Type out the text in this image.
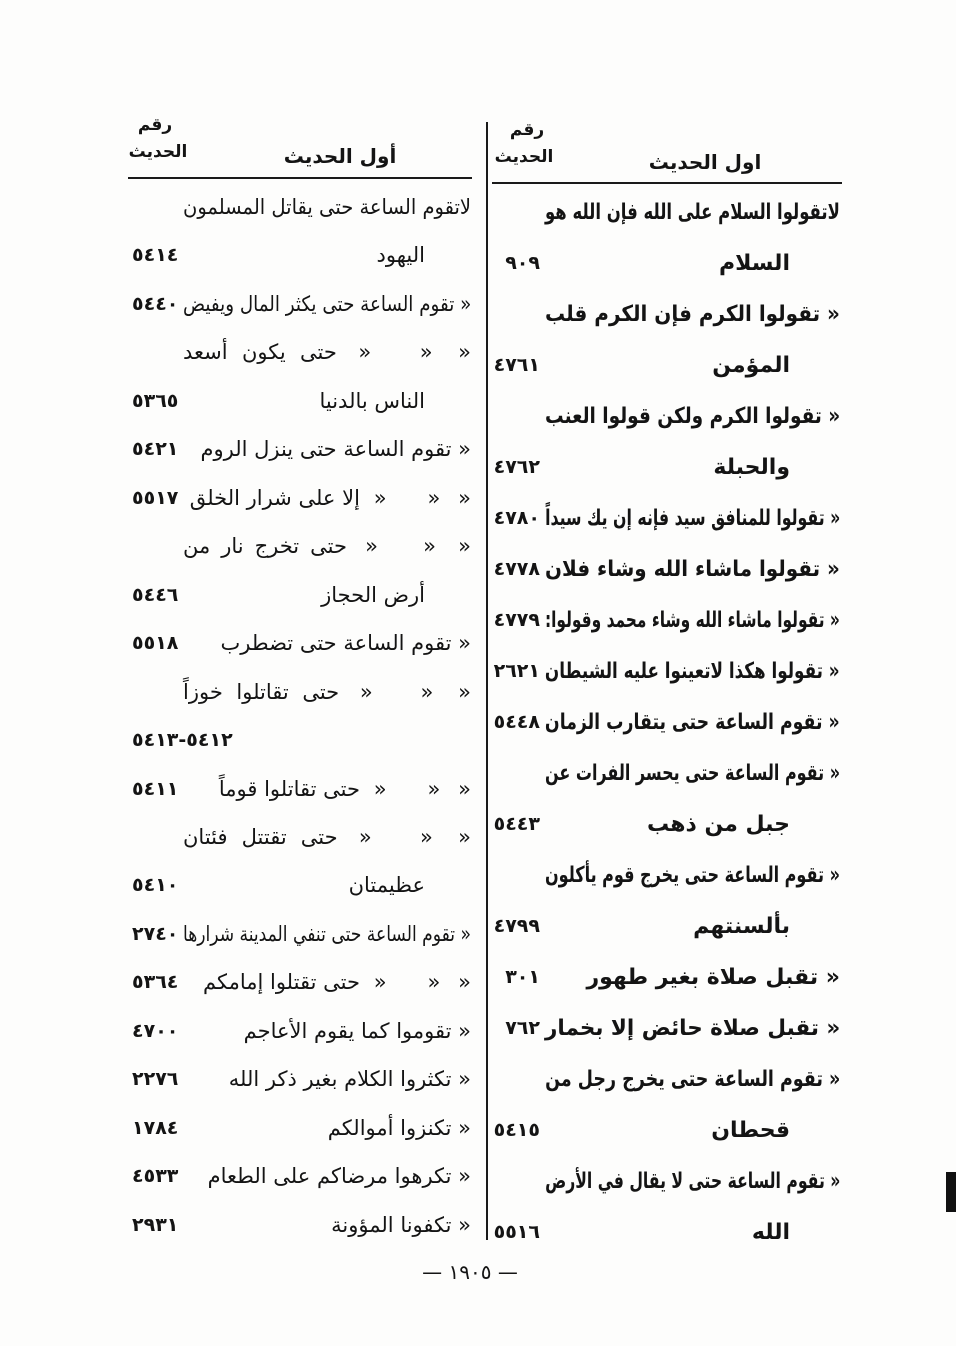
رقم
الحديث	اول الحديث
رقم
الحديث	أول الحديث
لاتقولوا السلام على الله فإن الله هو
السلام
٩٠٩
« تقولوا الكرم فإن الكرم قلب
المؤمن
٤٧٦١
« تقولوا الكرم ولكن قولوا العنب
والحبلة
٤٧٦٢
« تقولوا للمنافق سيد فإنه إن يك سيداً
٤٧٨٠
« تقولوا ماشاء الله وشاء فلان
٤٧٧٨
« تقولوا ماشاء الله وشاء محمد وقولوا:
٤٧٧٩
« تقولوا هكذا لاتعينوا عليه الشيطان
٢٦٢١
« تقوم الساعة حتى يتقارب الزمان
٥٤٤٨
« تقوم الساعة حتى يحسر الفرات عن
جبل من ذهب
٥٤٤٣
« تقوم الساعة حتى يخرج قوم يأكلون
بألسنتهم
٤٧٩٩
« تقبل صلاة بغير طهور
٣٠١
« تقبل صلاة حائض إلا بخمار
٧٦٢
« تقوم الساعة حتى يخرج رجل من
قحطان
٥٤١٥
« تقوم الساعة حتى لا يقال في الأرض
الله
٥٥١٦
لاتقوم الساعة حتى يقاتل المسلمون
اليهود
٥٤١٤
« تقوم الساعة حتى يكثر المال ويفيض
٥٤٤٠
« « « حتى يكون أسعد
الناس بالدنيا
٥٣٦٥
« تقوم الساعة حتى ينزل الروم
٥٤٢١
« « « إلا على شرار الخلق
٥٥١٧
« « « حتى تخرج نار من
أرض الحجاز
٥٤٤٦
« تقوم الساعة حتى تضطرب
٥٥١٨
« « « حتى تقاتلوا خوزاً
٥٤١٢-٥٤١٣
« « « حتى تقاتلوا قوماً
٥٤١١
« « « حتى تقتتل فئتان
عظيمتان
٥٤١٠
« تقوم الساعة حتى تنفي المدينة شرارها
٢٧٤٠
« « « حتى تقتلوا إمامكم
٥٣٦٤
« تقوموا كما يقوم الأعاجم
٤٧٠٠
« تكثروا الكلام بغير ذكر الله
٢٢٧٦
« تكنزوا أموالكم
١٧٨٤
« تكرهوا مرضاكم على الطعام
٤٥٣٣
« تكفونا المؤونة
٢٩٣١
— ١٩٠٥ —
